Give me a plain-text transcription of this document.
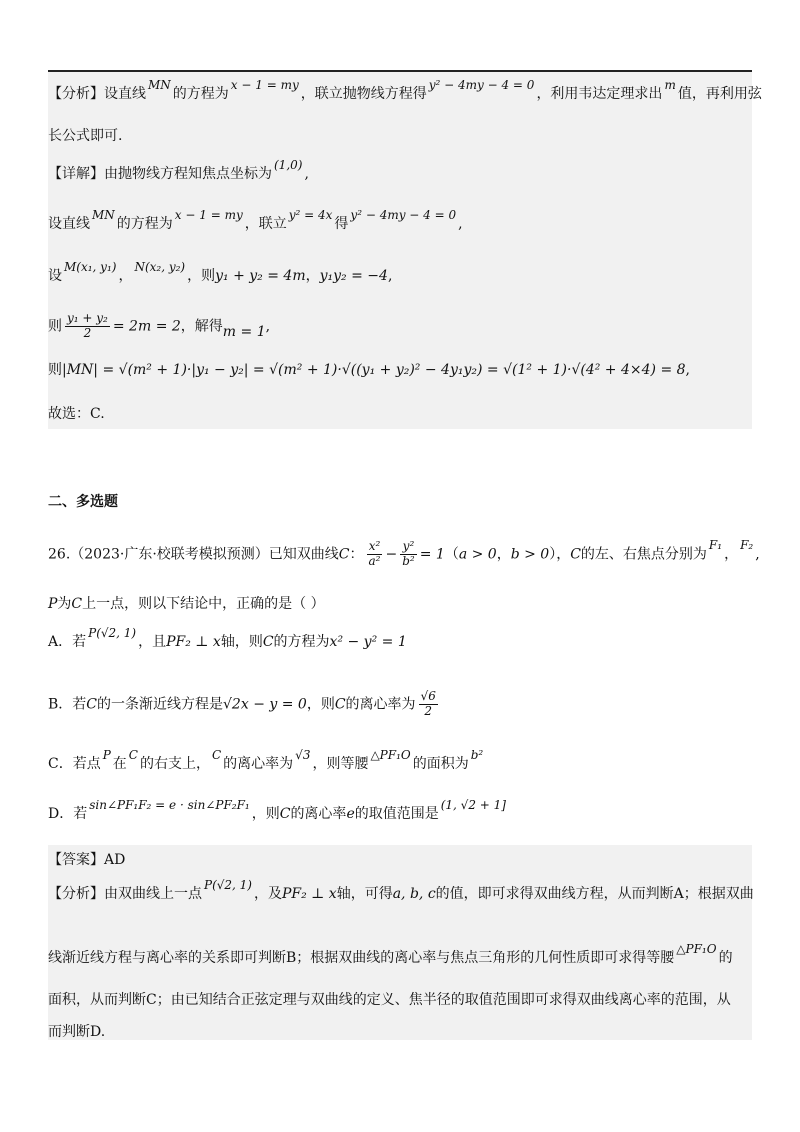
【分析】设直线MN的方程为x − 1 = my，联立抛物线方程得y² − 4my − 4 = 0，利用韦达定理求出m值，再利用弦
长公式即可.
【详解】由抛物线方程知焦点坐标为(1,0),
设直线MN的方程为x − 1 = my，联立y² = 4x得y² − 4my − 4 = 0,
设M(x₁, y₁)，N(x₂, y₂)，则y₁ + y₂ = 4m，y₁y₂ = −4,
则 $\frac{\text{y₁ + y₂}}{2} = 2m = 2$，解得m = 1,
则|MN| = √(m² + 1)·|y₁ − y₂| = √(m² + 1)·√((y₁ + y₂)² − 4y₁y₂) = √(1² + 1)·√(4² + 4×4) = 8,
故选：C.
二、多选题
26.（2023·广东·校联考模拟预测）已知双曲线C： $\frac{\text{x²}}{\text{a²}} - \frac{\text{y²}}{\text{b²}} = 1(a > 0$，b > 0），C的左、右焦点分别为F₁，F₂,
P为C上一点，则以下结论中，正确的是（ ）
A．若P(√2, 1)，且PF₂ ⊥ x轴，则C的方程为x² − y² = 1
B．若C的一条渐近线方程是√2x − y = 0，则C的离心率为 $\frac{√6}{2}$
C．若点P在C的右支上，C的离心率为√3，则等腰△PF₁O的面积为b²
D．若sin∠PF₁F₂ = e · sin∠PF₂F₁，则C的离心率e的取值范围是(1, √2 + 1]
【答案】AD
【分析】由双曲线上一点P(√2, 1)，及PF₂ ⊥ x轴，可得a, b, c的值，即可求得双曲线方程，从而判断A；根据双曲
线渐近线方程与离心率的关系即可判断B；根据双曲线的离心率与焦点三角形的几何性质即可求得等腰△PF₁O的
面积，从而判断C；由已知结合正弦定理与双曲线的定义、焦半径的取值范围即可求得双曲线离心率的范围，从
而判断D.
